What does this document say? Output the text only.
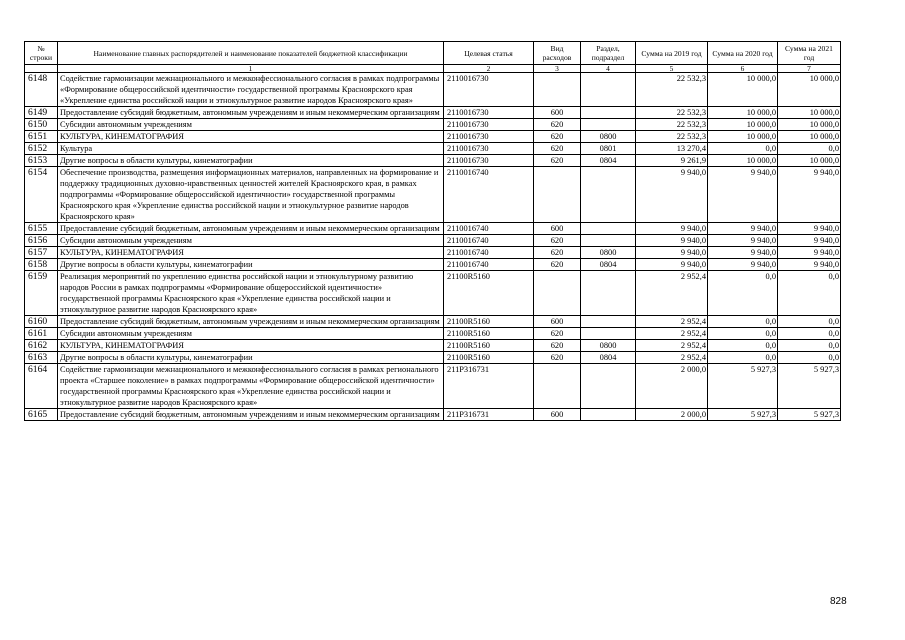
№ строки	Наименование главных распорядителей и наименование показателей бюджетной классификации	Целевая статья	Вид расходов	Раздел, подраздел	Сумма на 2019 год	Сумма на 2020 год	Сумма на 2021 год
	1	2	3	4	5	6	7
6148	Содействие гармонизации межнационального и межконфессионального согласия в рамках подпрограммы «Формирование общероссийской идентичности» государственной программы Красноярского края «Укрепление единства российской нации и этнокультурное развитие народов Красноярского края»	2110016730			22 532,3	10 000,0	10 000,0
6149	Предоставление субсидий бюджетным, автономным учреждениям и иным некоммерческим организациям	2110016730	600		22 532,3	10 000,0	10 000,0
6150	Субсидии автономным учреждениям	2110016730	620		22 532,3	10 000,0	10 000,0
6151	КУЛЬТУРА, КИНЕМАТОГРАФИЯ	2110016730	620	0800	22 532,3	10 000,0	10 000,0
6152	Культура	2110016730	620	0801	13 270,4	0,0	0,0
6153	Другие вопросы в области культуры, кинематографии	2110016730	620	0804	9 261,9	10 000,0	10 000,0
6154	Обеспечение производства, размещения информационных материалов, направленных на формирование и поддержку традиционных духовно-нравственных ценностей жителей Красноярского края, в рамках подпрограммы «Формирование общероссийской идентичности» государственной программы Красноярского края «Укрепление единства российской нации и этнокультурное развитие народов Красноярского края»	2110016740			9 940,0	9 940,0	9 940,0
6155	Предоставление субсидий бюджетным, автономным учреждениям и иным некоммерческим организациям	2110016740	600		9 940,0	9 940,0	9 940,0
6156	Субсидии автономным учреждениям	2110016740	620		9 940,0	9 940,0	9 940,0
6157	КУЛЬТУРА, КИНЕМАТОГРАФИЯ	2110016740	620	0800	9 940,0	9 940,0	9 940,0
6158	Другие вопросы в области культуры, кинематографии	2110016740	620	0804	9 940,0	9 940,0	9 940,0
6159	Реализация мероприятий по укреплению единства российской нации и этнокультурному развитию народов России в рамках подпрограммы «Формирование общероссийской идентичности» государственной программы Красноярского края «Укрепление единства российской нации и этнокультурное развитие народов Красноярского края»	21100R5160			2 952,4	0,0	0,0
6160	Предоставление субсидий бюджетным, автономным учреждениям и иным некоммерческим организациям	21100R5160	600		2 952,4	0,0	0,0
6161	Субсидии автономным учреждениям	21100R5160	620		2 952,4	0,0	0,0
6162	КУЛЬТУРА, КИНЕМАТОГРАФИЯ	21100R5160	620	0800	2 952,4	0,0	0,0
6163	Другие вопросы в области культуры, кинематографии	21100R5160	620	0804	2 952,4	0,0	0,0
6164	Содействие гармонизации межнационального и межконфессионального согласия в рамках регионального проекта «Старшее поколение» в рамках подпрограммы «Формирование общероссийской идентичности» государственной программы Красноярского края «Укрепление единства российской нации и этнокультурное развитие народов Красноярского края»	211P316731			2 000,0	5 927,3	5 927,3
6165	Предоставление субсидий бюджетным, автономным учреждениям и иным некоммерческим организациям	211P316731	600		2 000,0	5 927,3	5 927,3
828
